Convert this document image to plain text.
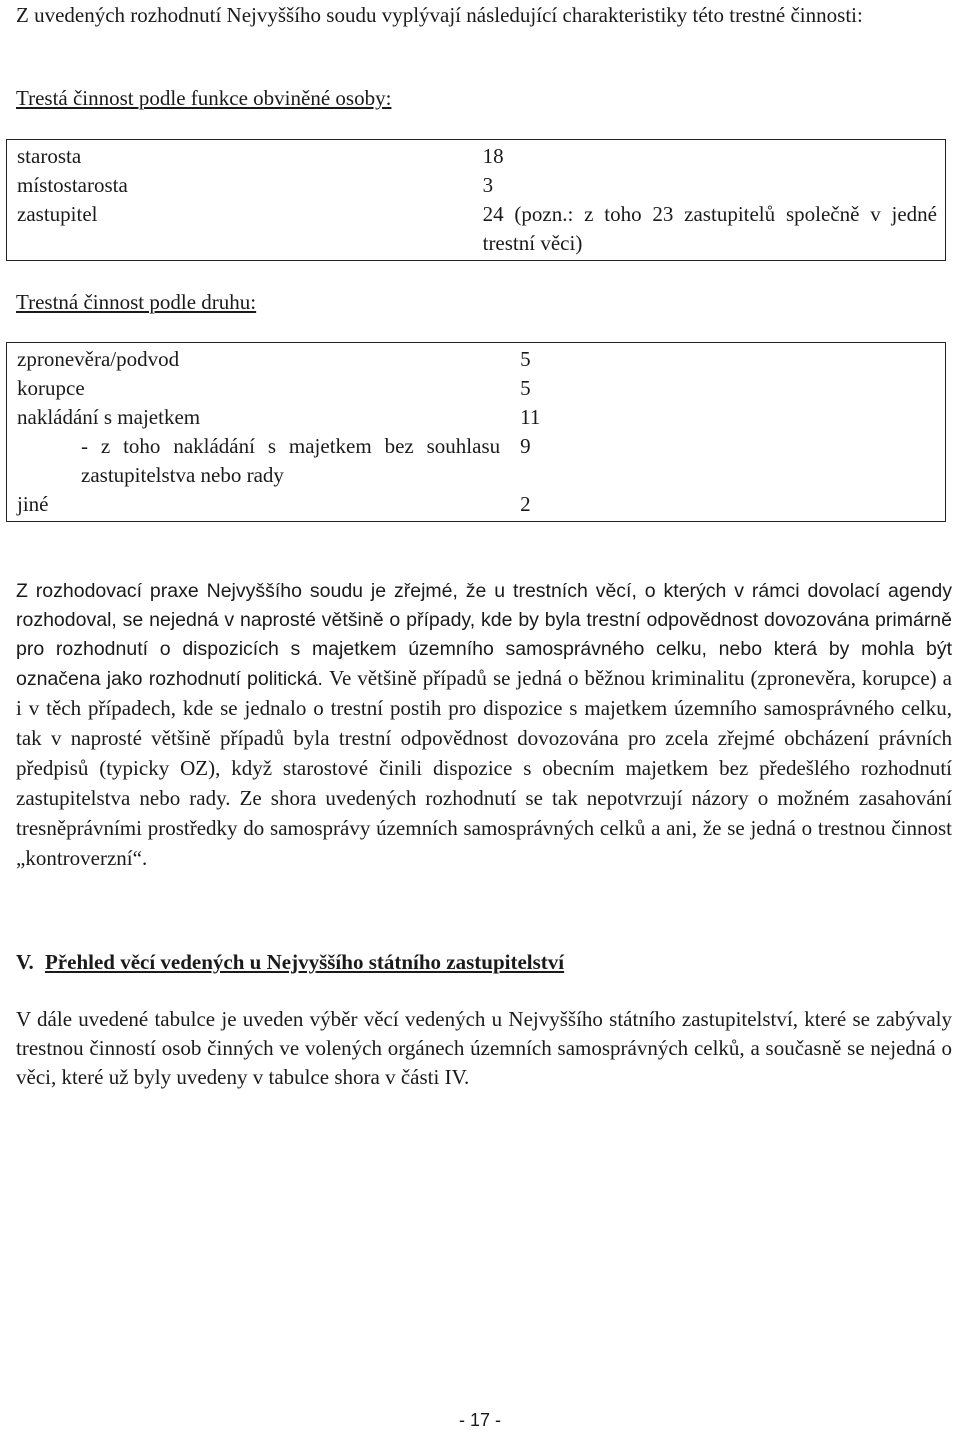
Z uvedených rozhodnutí Nejvyššího soudu vyplývají následující charakteristiky této trestné činnosti:
Trestá činnost podle funkce obviněné osoby:
starosta	18
místostarosta	3
zastupitel	24 (pozn.: z toho 23 zastupitelů společně v jedné trestní věci)
Trestná činnost podle druhu:
zpronevěra/podvod	5
korupce	5
nakládání s majetkem	11
- z toho nakládání s majetkem bez souhlasu zastupitelstva nebo rady	9
jiné	2
Z rozhodovací praxe Nejvyššího soudu je zřejmé, že u trestních věcí, o kterých v rámci dovolací agendy rozhodoval, se nejedná v naprosté většině o případy, kde by byla trestní odpovědnost dovozována primárně pro rozhodnutí o dispozicích s majetkem územního samosprávného celku, nebo která by mohla být označena jako rozhodnutí politická. Ve většině případů se jedná o běžnou kriminalitu (zpronevěra, korupce) a i v těch případech, kde se jednalo o trestní postih pro dispozice s majetkem územního samosprávného celku, tak v naprosté většině případů byla trestní odpovědnost dovozována pro zcela zřejmé obcházení právních předpisů (typicky OZ), když starostové činili dispozice s obecním majetkem bez předešlého rozhodnutí zastupitelstva nebo rady. Ze shora uvedených rozhodnutí se tak nepotvrzují názory o možném zasahování tresněprávními prostředky do samosprávy územních samosprávných celků a ani, že se jedná o trestnou činnost „kontroverzní“.
V. Přehled věcí vedených u Nejvyššího státního zastupitelství
V dále uvedené tabulce je uveden výběr věcí vedených u Nejvyššího státního zastupitelství, které se zabývaly trestnou činností osob činných ve volených orgánech územních samosprávných celků, a současně se nejedná o věci, které už byly uvedeny v tabulce shora v části IV.
- 17 -
